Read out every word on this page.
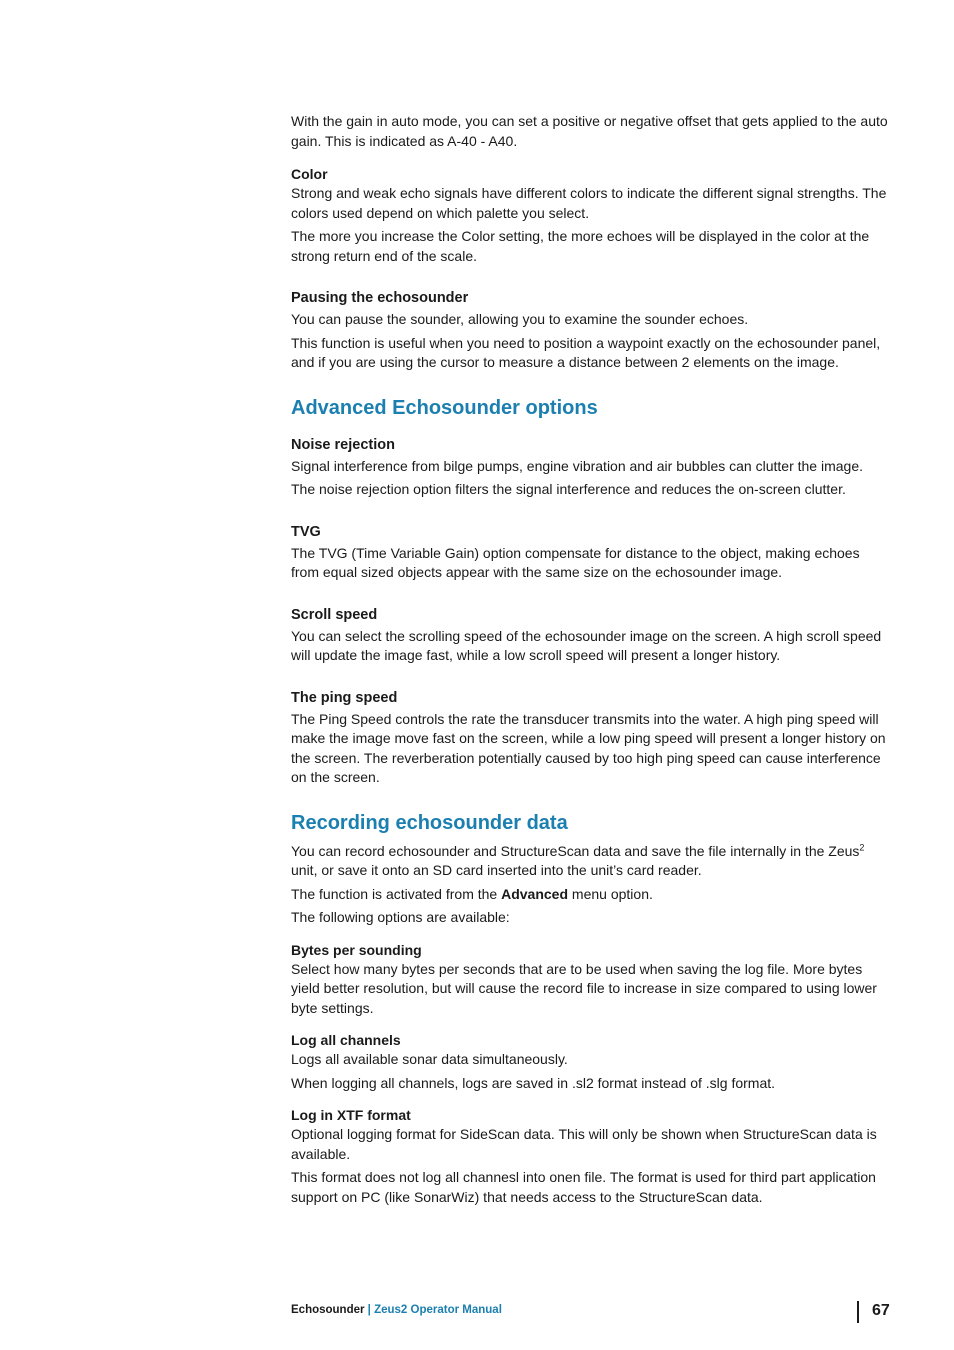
With the gain in auto mode, you can set a positive or negative offset that gets applied to the auto gain. This is indicated as A-40 - A40.

Color

Strong and weak echo signals have different colors to indicate the different signal strengths. The colors used depend on which palette you select.

The more you increase the Color setting, the more echoes will be displayed in the color at the strong return end of the scale.

Pausing the echosounder

You can pause the sounder, allowing you to examine the sounder echoes.

This function is useful when you need to position a waypoint exactly on the echosounder panel, and if you are using the cursor to measure a distance between 2 elements on the image.

Advanced Echosounder options
Noise rejection

Signal interference from bilge pumps, engine vibration and air bubbles can clutter the image.

The noise rejection option filters the signal interference and reduces the on-screen clutter.

TVG

The TVG (Time Variable Gain) option compensate for distance to the object, making echoes from equal sized objects appear with the same size on the echosounder image.

Scroll speed

You can select the scrolling speed of the echosounder image on the screen. A high scroll speed will update the image fast, while a low scroll speed will present a longer history.

The ping speed

The Ping Speed controls the rate the transducer transmits into the water. A high ping speed will make the image move fast on the screen, while a low ping speed will present a longer history on the screen. The reverberation potentially caused by too high ping speed can cause interference on the screen.

Recording echosounder data

You can record echosounder and StructureScan data and save the file internally in the Zeus$^2$ unit, or save it onto an SD card inserted into the unit’s card reader.

The function is activated from the Advanced menu option.

The following options are available:

Bytes per sounding

Select how many bytes per seconds that are to be used when saving the log file. More bytes yield better resolution, but will cause the record file to increase in size compared to using lower byte settings.

Log all channels

Logs all available sonar data simultaneously.

When logging all channels, logs are saved in .sl2 format instead of .slg format.

Log in XTF format

Optional logging format for SideScan data. This will only be shown when StructureScan data is available.

This format does not log all channesl into onen file. The format is used for third part application support on PC (like SonarWiz) that needs access to the StructureScan data.

Echosounder | Zeus2 Operator Manual	67
